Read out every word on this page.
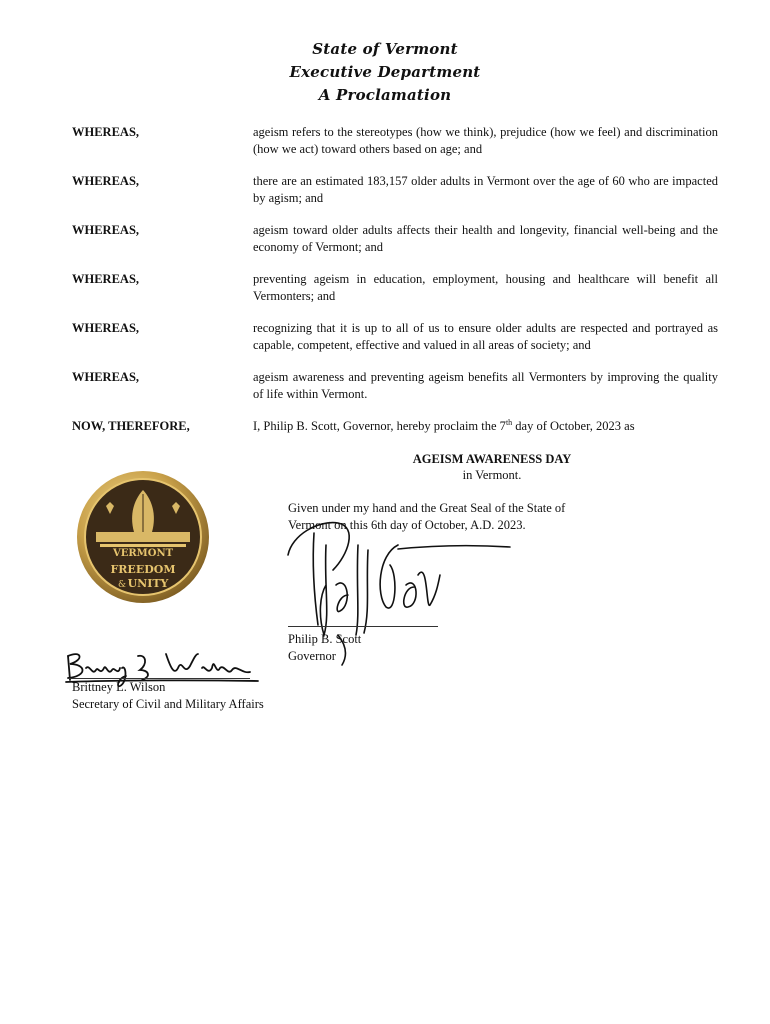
State of Vermont
Executive Department
A Proclamation
WHEREAS,	ageism refers to the stereotypes (how we think), prejudice (how we feel) and discrimination (how we act) toward others based on age; and
WHEREAS,	there are an estimated 183,157 older adults in Vermont over the age of 60 who are impacted by agism; and
WHEREAS,	ageism toward older adults affects their health and longevity, financial well-being and the economy of Vermont; and
WHEREAS,	preventing ageism in education, employment, housing and healthcare will benefit all Vermonters; and
WHEREAS,	recognizing that it is up to all of us to ensure older adults are respected and portrayed as capable, competent, effective and valued in all areas of society; and
WHEREAS,	ageism awareness and preventing ageism benefits all Vermonters by improving the quality of life within Vermont.
NOW, THEREFORE,	I, Philip B. Scott, Governor, hereby proclaim the 7th day of October, 2023 as
AGEISM AWARENESS DAY
in Vermont.
VERMONT
FREEDOM
& UNITY
Given under my hand and the Great Seal of the State of
Vermont on this 6th day of October, A.D. 2023.
Philip B. Scott
Governor
Brittney L. Wilson
Secretary of Civil and Military Affairs
